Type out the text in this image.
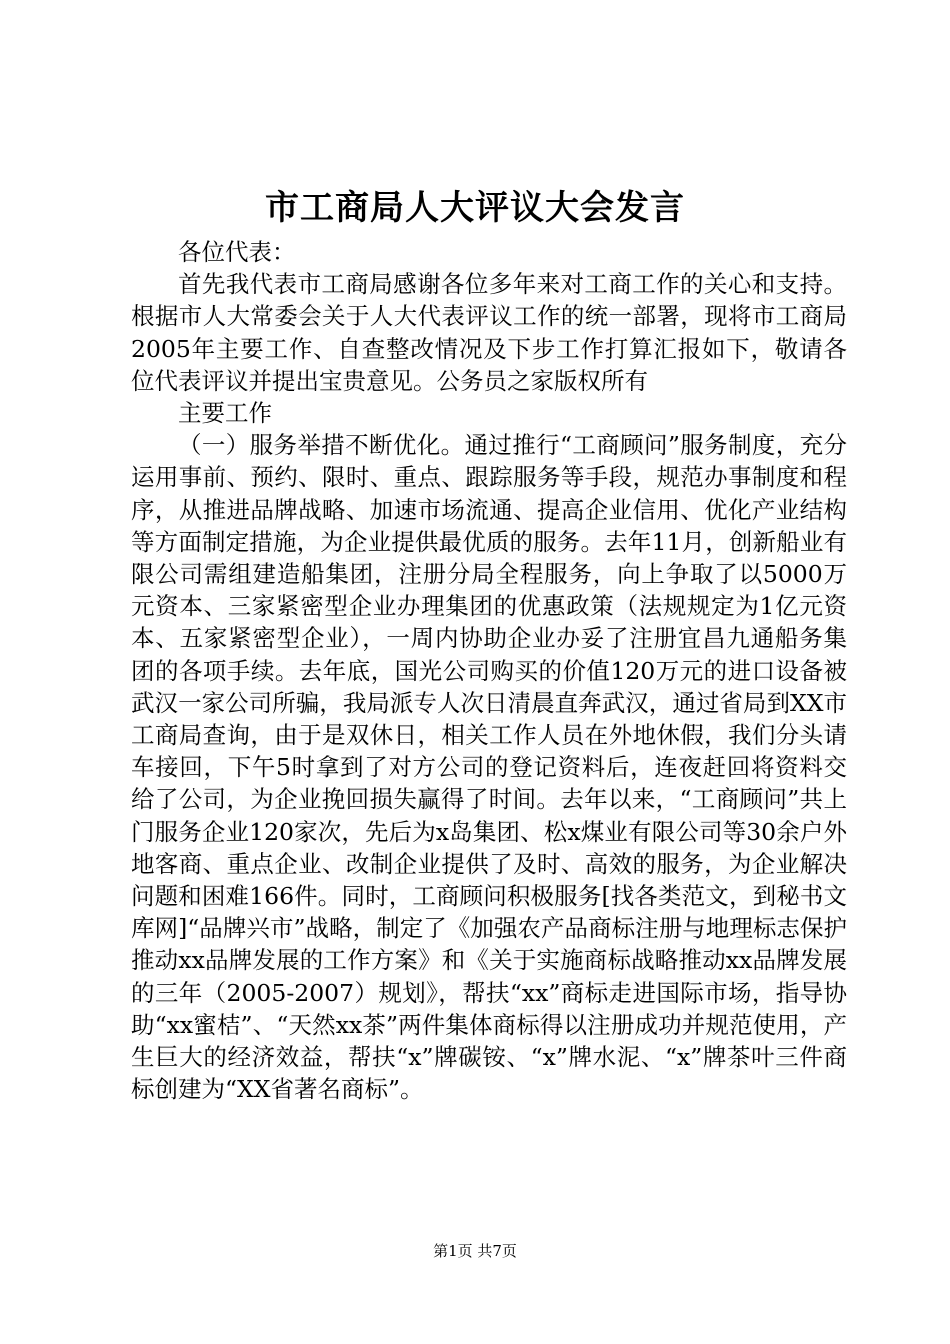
市工商局人大评议大会发言

各位代表：

首先我代表市工商局感谢各位多年来对工商工作的关心和支持。根据市人大常委会关于人大代表评议工作的统一部署，现将市工商局2005年主要工作、自查整改情况及下步工作打算汇报如下，敬请各位代表评议并提出宝贵意见。公务员之家版权所有

主要工作

（一）服务举措不断优化。通过推行“工商顾问”服务制度，充分运用事前、预约、限时、重点、跟踪服务等手段，规范办事制度和程序，从推进品牌战略、加速市场流通、提高企业信用、优化产业结构等方面制定措施，为企业提供最优质的服务。去年11月，创新船业有限公司需组建造船集团，注册分局全程服务，向上争取了以5000万元资本、三家紧密型企业办理集团的优惠政策（法规规定为1亿元资本、五家紧密型企业），一周内协助企业办妥了注册宜昌九通船务集团的各项手续。去年底，国光公司购买的价值120万元的进口设备被武汉一家公司所骗，我局派专人次日清晨直奔武汉，通过省局到XX市工商局查询，由于是双休日，相关工作人员在外地休假，我们分头请车接回，下午5时拿到了对方公司的登记资料后，连夜赶回将资料交给了公司，为企业挽回损失赢得了时间。去年以来，“工商顾问”共上门服务企业120家次，先后为x岛集团、松x煤业有限公司等30余户外地客商、重点企业、改制企业提供了及时、高效的服务，为企业解决问题和困难166件。同时，工商顾问积极服务[找各类范文，到秘书文库网]“品牌兴市”战略，制定了《加强农产品商标注册与地理标志保护推动xx品牌发展的工作方案》和《关于实施商标战略推动xx品牌发展的三年（2005-2007）规划》，帮扶“xx”商标走进国际市场，指导协助“xx蜜桔”、“天然xx茶”两件集体商标得以注册成功并规范使用，产生巨大的经济效益，帮扶“x”牌碳铵、“x”牌水泥、“x”牌茶叶三件商标创建为“XX省著名商标”。

第1页 共7页
